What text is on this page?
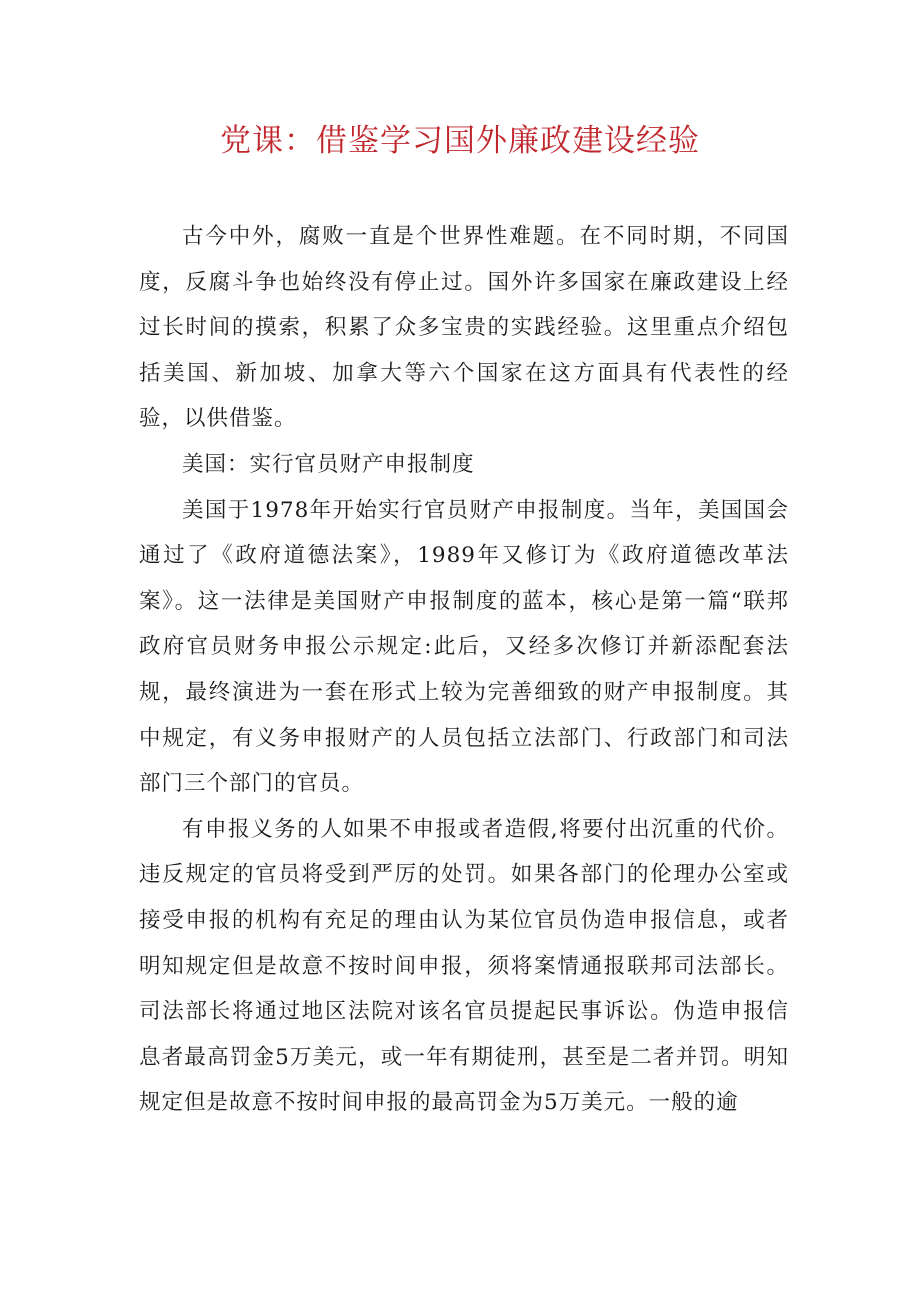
党课：借鉴学习国外廉政建设经验

古今中外，腐败一直是个世界性难题。在不同时期，不同国度，反腐斗争也始终没有停止过。国外许多国家在廉政建设上经过长时间的摸索，积累了众多宝贵的实践经验。这里重点介绍包括美国、新加坡、加拿大等六个国家在这方面具有代表性的经验，以供借鉴。

美国：实行官员财产申报制度

美国于1978年开始实行官员财产申报制度。当年，美国国会通过了《政府道德法案》，1989年又修订为《政府道德改革法案》。这一法律是美国财产申报制度的蓝本，核心是第一篇“联邦政府官员财务申报公示规定:此后，又经多次修订并新添配套法规，最终演进为一套在形式上较为完善细致的财产申报制度。其中规定，有义务申报财产的人员包括立法部门、行政部门和司法部门三个部门的官员。

有申报义务的人如果不申报或者造假,将要付出沉重的代价。违反规定的官员将受到严厉的处罚。如果各部门的伦理办公室或接受申报的机构有充足的理由认为某位官员伪造申报信息，或者明知规定但是故意不按时间申报，须将案情通报联邦司法部长。司法部长将通过地区法院对该名官员提起民事诉讼。伪造申报信息者最高罚金5万美元，或一年有期徒刑，甚至是二者并罚。明知规定但是故意不按时间申报的最高罚金为5万美元。一般的逾
